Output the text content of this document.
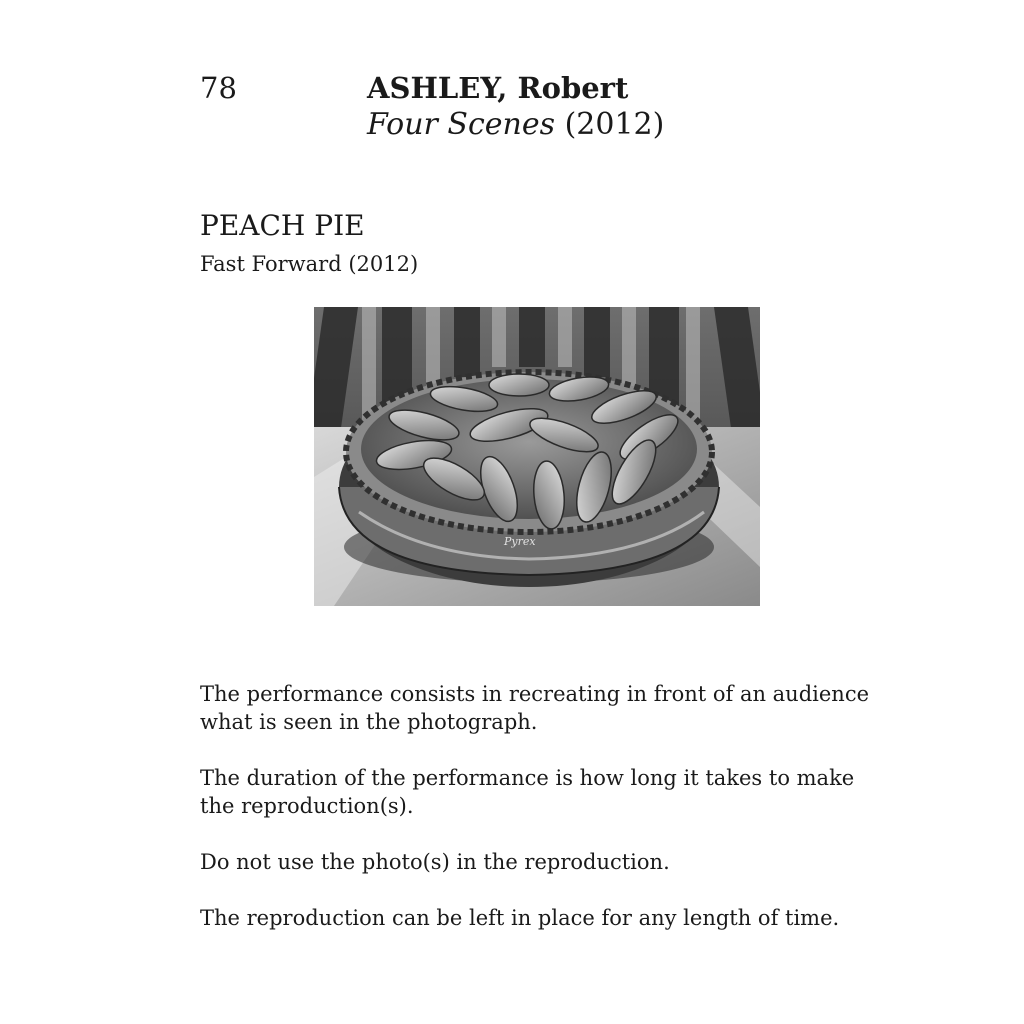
78	ASHLEY, Robert
Four Scenes (2012)
PEACH PIE
Fast Forward (2012)
Pyrex

The performance consists in recreating in front of an audience what is seen in the photograph.

The duration of the performance is how long it takes to make the reproduction(s).

Do not use the photo(s) in the reproduction.

The reproduction can be left in place for any length of time.
